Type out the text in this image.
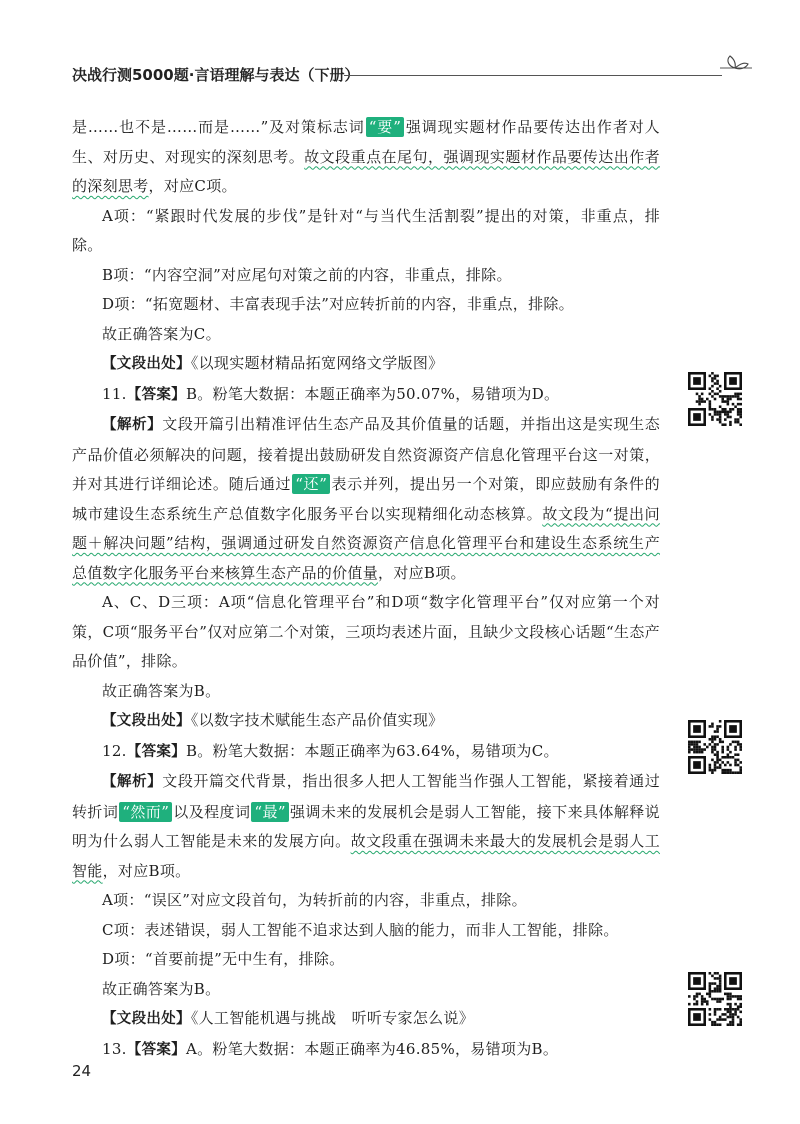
决战行测5000题·言语理解与表达（下册）

是……也不是……而是……”及对策标志词 “要” 强调现实题材作品要传达出作者对人生、对历史、对现实的深刻思考。故文段重点在尾句，强调现实题材作品要传达出作者的深刻思考，对应C项。

A项：“紧跟时代发展的步伐”是针对“与当代生活割裂”提出的对策，非重点，排除。

B项：“内容空洞”对应尾句对策之前的内容，非重点，排除。

D项：“拓宽题材、丰富表现手法”对应转折前的内容，非重点，排除。

故正确答案为C。

【文段出处】《以现实题材精品拓宽网络文学版图》

11.【答案】B。粉笔大数据：本题正确率为50.07%，易错项为D。

【解析】文段开篇引出精准评估生态产品及其价值量的话题，并指出这是实现生态产品价值必须解决的问题，接着提出鼓励研发自然资源资产信息化管理平台这一对策，并对其进行详细论述。随后通过 “还” 表示并列，提出另一个对策，即应鼓励有条件的城市建设生态系统生产总值数字化服务平台以实现精细化动态核算。故文段为“提出问题＋解决问题”结构，强调通过研发自然资源资产信息化管理平台和建设生态系统生产总值数字化服务平台来核算生态产品的价值量，对应B项。

A、C、D三项：A项“信息化管理平台”和D项“数字化管理平台”仅对应第一个对策，C项“服务平台”仅对应第二个对策，三项均表述片面，且缺少文段核心话题“生态产品价值”，排除。

故正确答案为B。

【文段出处】《以数字技术赋能生态产品价值实现》

12.【答案】B。粉笔大数据：本题正确率为63.64%，易错项为C。

【解析】文段开篇交代背景，指出很多人把人工智能当作强人工智能，紧接着通过转折词 “然而” 以及程度词 “最” 强调未来的发展机会是弱人工智能，接下来具体解释说明为什么弱人工智能是未来的发展方向。故文段重在强调未来最大的发展机会是弱人工智能，对应B项。

A项：“误区”对应文段首句，为转折前的内容，非重点，排除。

C项：表述错误，弱人工智能不追求达到人脑的能力，而非人工智能，排除。

D项：“首要前提”无中生有，排除。

故正确答案为B。

【文段出处】《人工智能机遇与挑战　听听专家怎么说》

13.【答案】A。粉笔大数据：本题正确率为46.85%，易错项为B。

24
